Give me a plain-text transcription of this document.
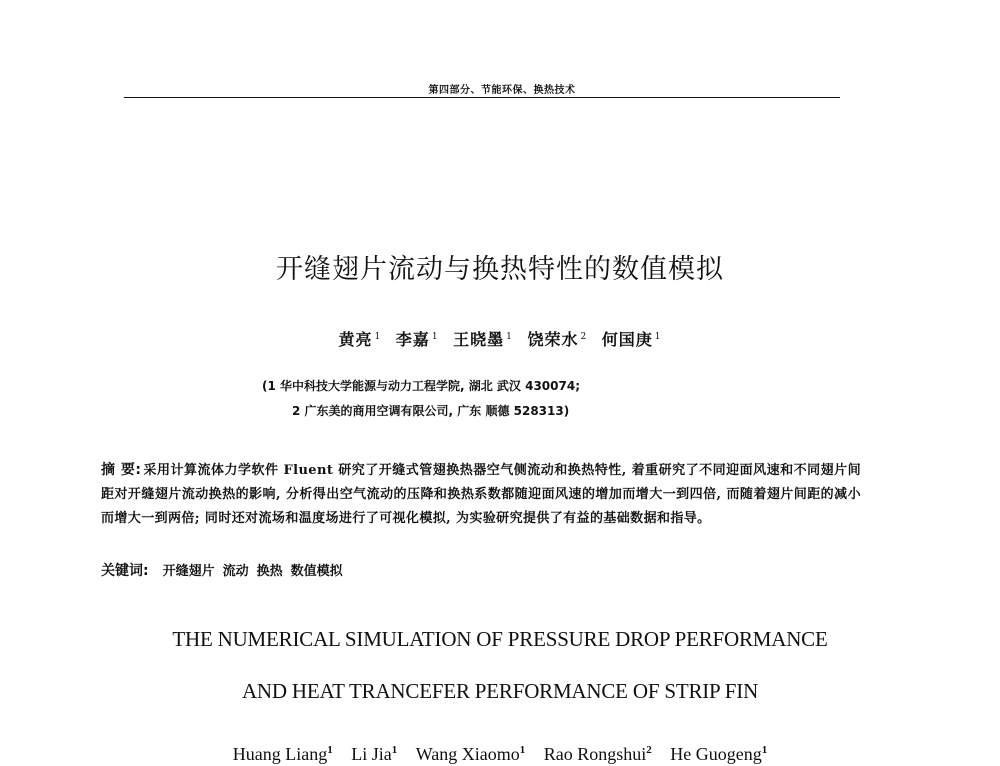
第四部分、节能环保、换热技术
开缝翅片流动与换热特性的数值模拟
黄亮 $^1$ 李嘉 $^1$ 王晓墨 $^1$ 饶荣水 $^2$ 何国庚 $^1$
(1 华中科技大学能源与动力工程学院, 湖北 武汉 430074;
2 广东美的商用空调有限公司, 广东 顺德 528313)
摘 要: 采用计算流体力学软件 Fluent 研究了开缝式管翅换热器空气侧流动和换热特性, 着重研究了不同迎面风速和不同翅片间距对开缝翅片流动换热的影响, 分析得出空气流动的压降和换热系数都随迎面风速的增加而增大一到四倍, 而随着翅片间距的减小而增大一到两倍; 同时还对流场和温度场进行了可视化模拟, 为实验研究提供了有益的基础数据和指导。
关键词: 开缝翅片 流动 换热 数值模拟
THE NUMERICAL SIMULATION OF PRESSURE DROP PERFORMANCE
AND HEAT TRANCEFER PERFORMANCE OF STRIP FIN
Huang Liang$^1$ Li Jia$^1$ Wang Xiaomo$^1$ Rao Rongshui$^2$ He Guogeng$^1$
